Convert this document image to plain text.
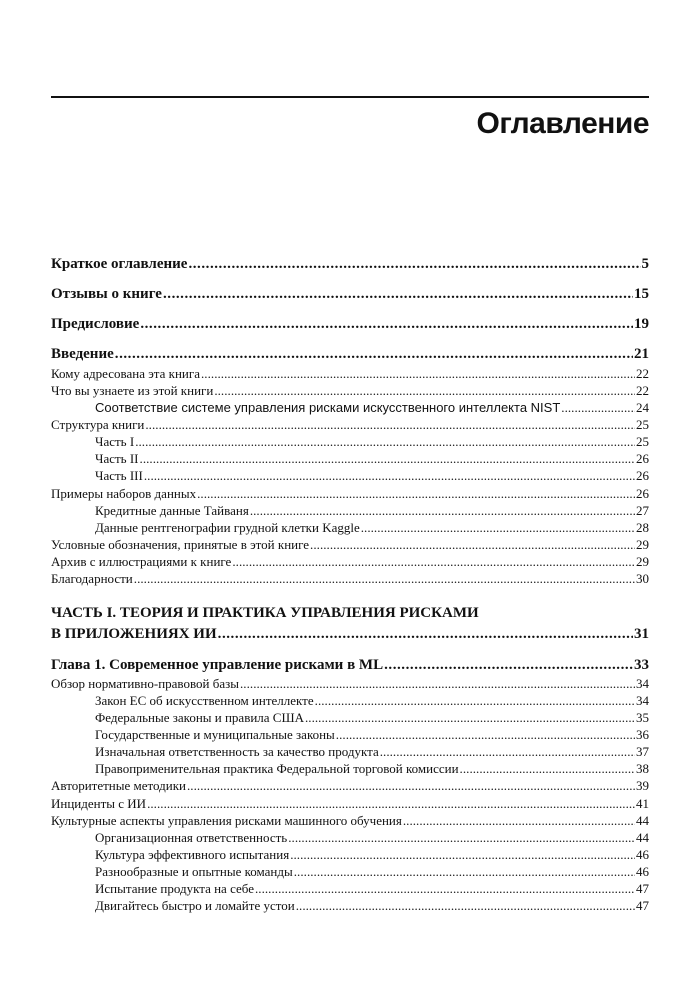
Оглавление
Краткое оглавление . . .	5
Отзывы о книге . . .	15
Предисловие . . .	19
Введение . . .	21
Кому адресована эта книга . . .	22
Что вы узнаете из этой книги . . .	22
Соответствие системе управления рисками искусственного интеллекта NIST . . .	24
Структура книги . . .	25
Часть I . . .	25
Часть II . . .	26
Часть III . . .	26
Примеры наборов данных . . .	26
Кредитные данные Тайваня . . .	27
Данные рентгенографии грудной клетки Kaggle . . .	28
Условные обозначения, принятые в этой книге . . .	29
Архив с иллюстрациями к книге . . .	29
Благодарности . . .	30
ЧАСТЬ I. ТЕОРИЯ И ПРАКТИКА УПРАВЛЕНИЯ РИСКАМИ
В ПРИЛОЖЕНИЯХ ИИ . . .	31
Глава 1. Современное управление рисками в ML . . .	33
Обзор нормативно-правовой базы . . .	34
Закон ЕС об искусственном интеллекте . . .	34
Федеральные законы и правила США . . .	35
Государственные и муниципальные законы . . .	36
Изначальная ответственность за качество продукта . . .	37
Правоприменительная практика Федеральной торговой комиссии . . .	38
Авторитетные методики . . .	39
Инциденты с ИИ . . .	41
Культурные аспекты управления рисками машинного обучения . . .	44
Организационная ответственность . . .	44
Культура эффективного испытания . . .	46
Разнообразные и опытные команды . . .	46
Испытание продукта на себе . . .	47
Двигайтесь быстро и ломайте устои . . .	47
